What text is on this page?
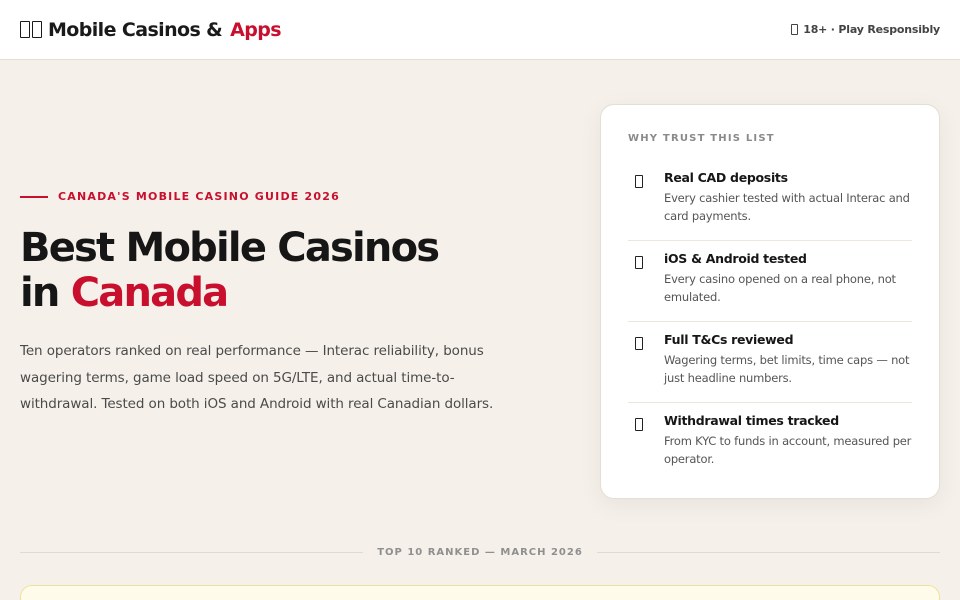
Mobile Casinos & Apps	18+ · Play Responsibly
CANADA'S MOBILE CASINO GUIDE 2026
Best Mobile Casinos
in Canada

Ten operators ranked on real performance — Interac reliability, bonus wagering terms, game load speed on 5G/LTE, and actual time-to-withdrawal. Tested on both iOS and Android with real Canadian dollars.

WHY TRUST THIS LIST
Real CAD deposits
Every cashier tested with actual Interac and card payments.
iOS & Android tested
Every casino opened on a real phone, not emulated.
Full T&Cs reviewed
Wagering terms, bet limits, time caps — not just headline numbers.
Withdrawal times tracked
From KYC to funds in account, measured per operator.
TOP 10 RANKED — MARCH 2026
